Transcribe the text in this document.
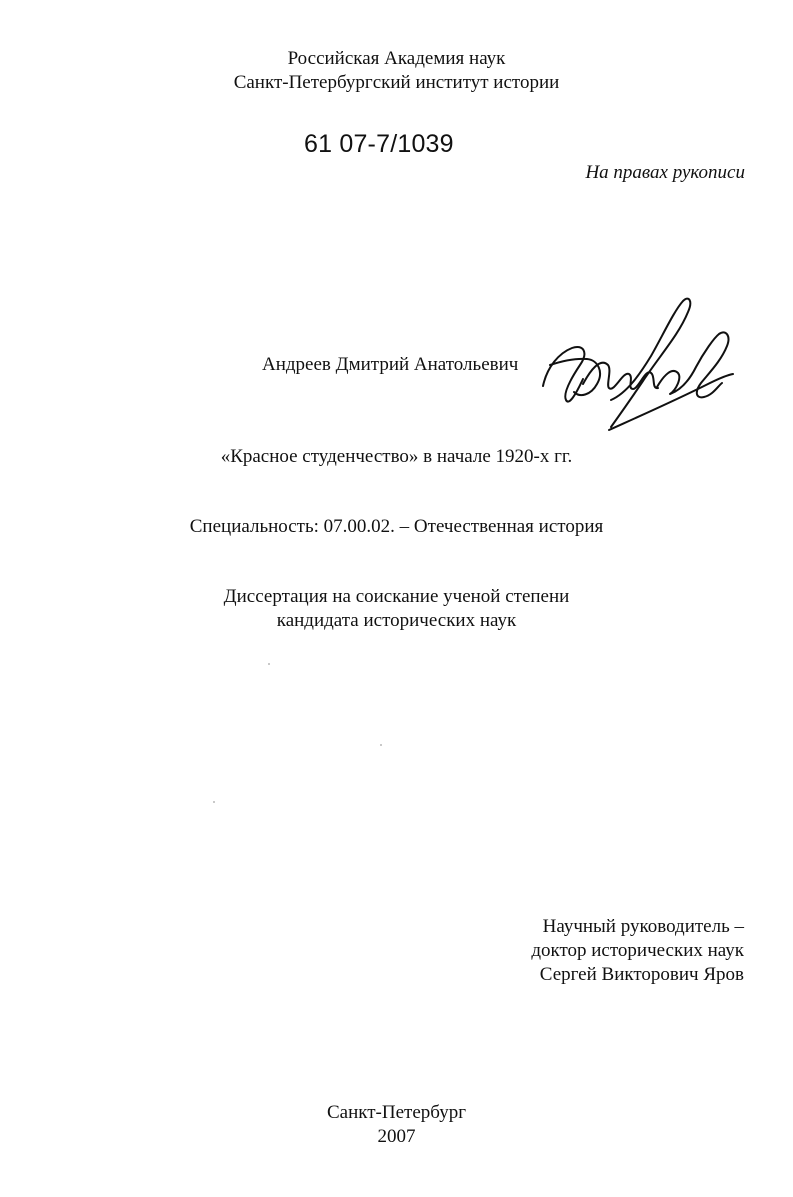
Российская Академия наук
Санкт-Петербургский институт истории
61 07-7/1039
На правах рукописи
Андреев Дмитрий Анатольевич
«Красное студенчество» в начале 1920-х гг.
Специальность: 07.00.02. – Отечественная история
Диссертация на соискание ученой степени
кандидата исторических наук
Научный руководитель –
доктор исторических наук
Сергей Викторович Яров
Санкт-Петербург
2007
